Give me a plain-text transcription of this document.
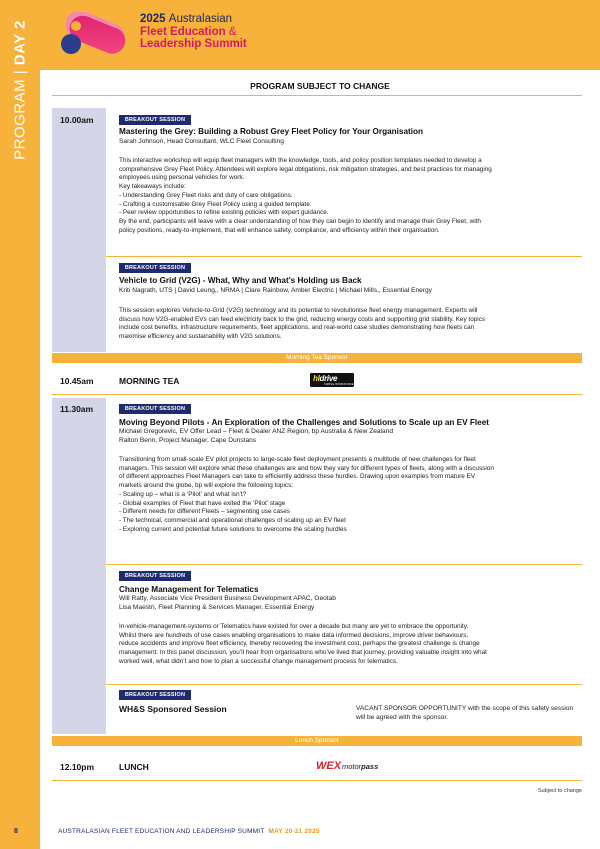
PROGRAM | DAY 2
2025 Australasian
Fleet Education &
Leadership Summit
PROGRAM SUBJECT TO CHANGE
10.00am	BREAKOUT SESSION
Mastering the Grey: Building a Robust Grey Fleet Policy for Your Organisation
Sarah Johnson, Head Consultant, WLC Fleet Consulting
This interactive workshop will equip fleet managers with the knowledge, tools, and policy position templates needed to develop a
comprehensive Grey Fleet Policy. Attendees will explore legal obligations, risk mitigation strategies, and best practices for managing
employees using personal vehicles for work.
Key takeaways include:
- Understanding Grey Fleet risks and duty of care obligations.
- Crafting a customisable Grey Fleet Policy using a guided template.
- Peer review opportunities to refine existing policies with expert guidance.
By the end, participants will leave with a clear understanding of how they can begin to identify and manage their Grey Fleet, with
policy positions, ready-to-implement, that will enhance safety, compliance, and efficiency within their organisation.
BREAKOUT SESSION
Vehicle to Grid (V2G) - What, Why and What’s Holding us Back
Kriti Nagrath, UTS | David Leung,, NRMA | Clare Rainbow, Amber Electric | Michael Mills,, Essential Energy
This session explores Vehicle-to-Grid (V2G) technology and its potential to revolutionise fleet energy management. Experts will
discuss how V2G-enabled EVs can feed electricity back to the grid, reducing energy costs and supporting grid stability. Key topics
include cost benefits, infrastructure requirements, fleet applications, and real-world case studies demonstrating how fleets can
maximise efficiency and sustainability with V2G solutions.
Morning Tea Sponsor
10.45am	MORNING TEA	hldrive
SIMPLE WORKFORCE
11.30am	BREAKOUT SESSION
Moving Beyond Pilots - An Exploration of the Challenges and Solutions to Scale up an EV Fleet
Michael Gregorevic, EV Offer Lead – Fleet & Dealer ANZ Region, bp Australia & New Zealand
Ralton Benn, Project Manager, Cape Dunstans
Transitioning from small-scale EV pilot projects to large-scale fleet deployment presents a multitude of new challenges for fleet
managers. This session will explore what these challenges are and how they vary for different types of fleets, along with a discussion
of different approaches Fleet Managers can take to efficiently address these hurdles. Drawing upon examples from mature EV
markets around the globe, bp will explore the following topics:
- Scaling up – what is a ‘Pilot’ and what isn’t?
- Global examples of Fleet that have exited the ‘Pilot’ stage
- Different needs for different Fleets – segmenting use cases
- The technical, commercial and operational challenges of scaling up an EV fleet
- Exploring current and potential future solutions to overcome the scaling hurdles
BREAKOUT SESSION
Change Management for Telematics
Will Ratty, Associate Vice President Business Development APAC, Geotab
Lisa Maestri, Fleet Planning & Services Manager, Essential Energy
In-vehicle-management-systems or Telematics have existed for over a decade but many are yet to embrace the opportunity.
Whilst there are hundreds of use cases enabling organisations to make data informed decisions, improve driver behaviours,
reduce accidents and improve fleet efficiency, thereby recovering the investment cost, perhaps the greatest challenge is change
management. In this panel discussion, you’ll hear from organisations who’ve lived that journey, providing valuable insight into what
worked well, what didn’t and how to plan a successful change management process for telematics.
BREAKOUT SESSION
WH&S Sponsored Session	VACANT SPONSOR OPPORTUNITY with the scope of this safety session will be agreed with the sponsor.
Lunch Sponsor
12.10pm	LUNCH	WEX motorpass
Subject to change
8	AUSTRALASIAN FLEET EDUCATION AND LEADERSHIP SUMMIT MAY 20-21 2025
